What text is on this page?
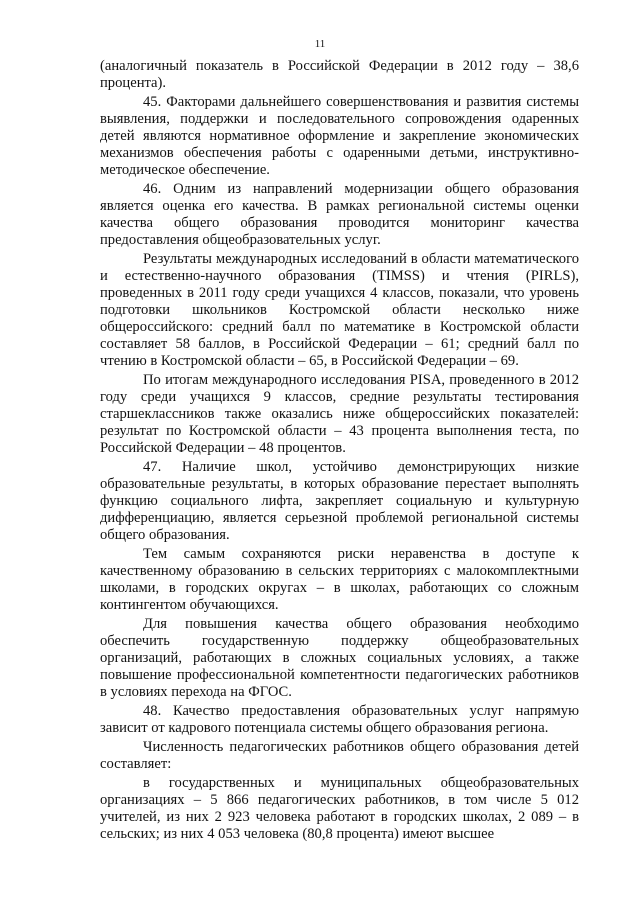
11

(аналогичный показатель в Российской Федерации в 2012 году – 38,6 процента).

45. Факторами дальнейшего совершенствования и развития системы выявления, поддержки и последовательного сопровождения одаренных детей являются нормативное оформление и закрепление экономических механизмов обеспечения работы с одаренными детьми, инструктивно-методическое обеспечение.

46. Одним из направлений модернизации общего образования является оценка его качества. В рамках региональной системы оценки качества общего образования проводится мониторинг качества предоставления общеобразовательных услуг.

Результаты международных исследований в области математического и естественно-научного образования (TIMSS) и чтения (PIRLS), проведенных в 2011 году среди учащихся 4 классов, показали, что уровень подготовки школьников Костромской области несколько ниже общероссийского: средний балл по математике в Костромской области составляет 58 баллов, в Российской Федерации – 61; средний балл по чтению в Костромской области – 65, в Российской Федерации – 69.

По итогам международного исследования PISA, проведенного в 2012 году среди учащихся 9 классов, средние результаты тестирования старшеклассников также оказались ниже общероссийских показателей: результат по Костромской области – 43 процента выполнения теста, по Российской Федерации – 48 процентов.

47. Наличие школ, устойчиво демонстрирующих низкие образовательные результаты, в которых образование перестает выполнять функцию социального лифта, закрепляет социальную и культурную дифференциацию, является серьезной проблемой региональной системы общего образования.

Тем самым сохраняются риски неравенства в доступе к качественному образованию в сельских территориях с малокомплектными школами, в городских округах – в школах, работающих со сложным контингентом обучающихся.

Для повышения качества общего образования необходимо обеспечить государственную поддержку общеобразовательных организаций, работающих в сложных социальных условиях, а также повышение профессиональной компетентности педагогических работников в условиях перехода на ФГОС.

48. Качество предоставления образовательных услуг напрямую зависит от кадрового потенциала системы общего образования региона.

Численность педагогических работников общего образования детей составляет:

в государственных и муниципальных общеобразовательных организациях – 5 866 педагогических работников, в том числе 5 012 учителей, из них 2 923 человека работают в городских школах, 2 089 – в сельских; из них 4 053 человека (80,8 процента) имеют высшее
